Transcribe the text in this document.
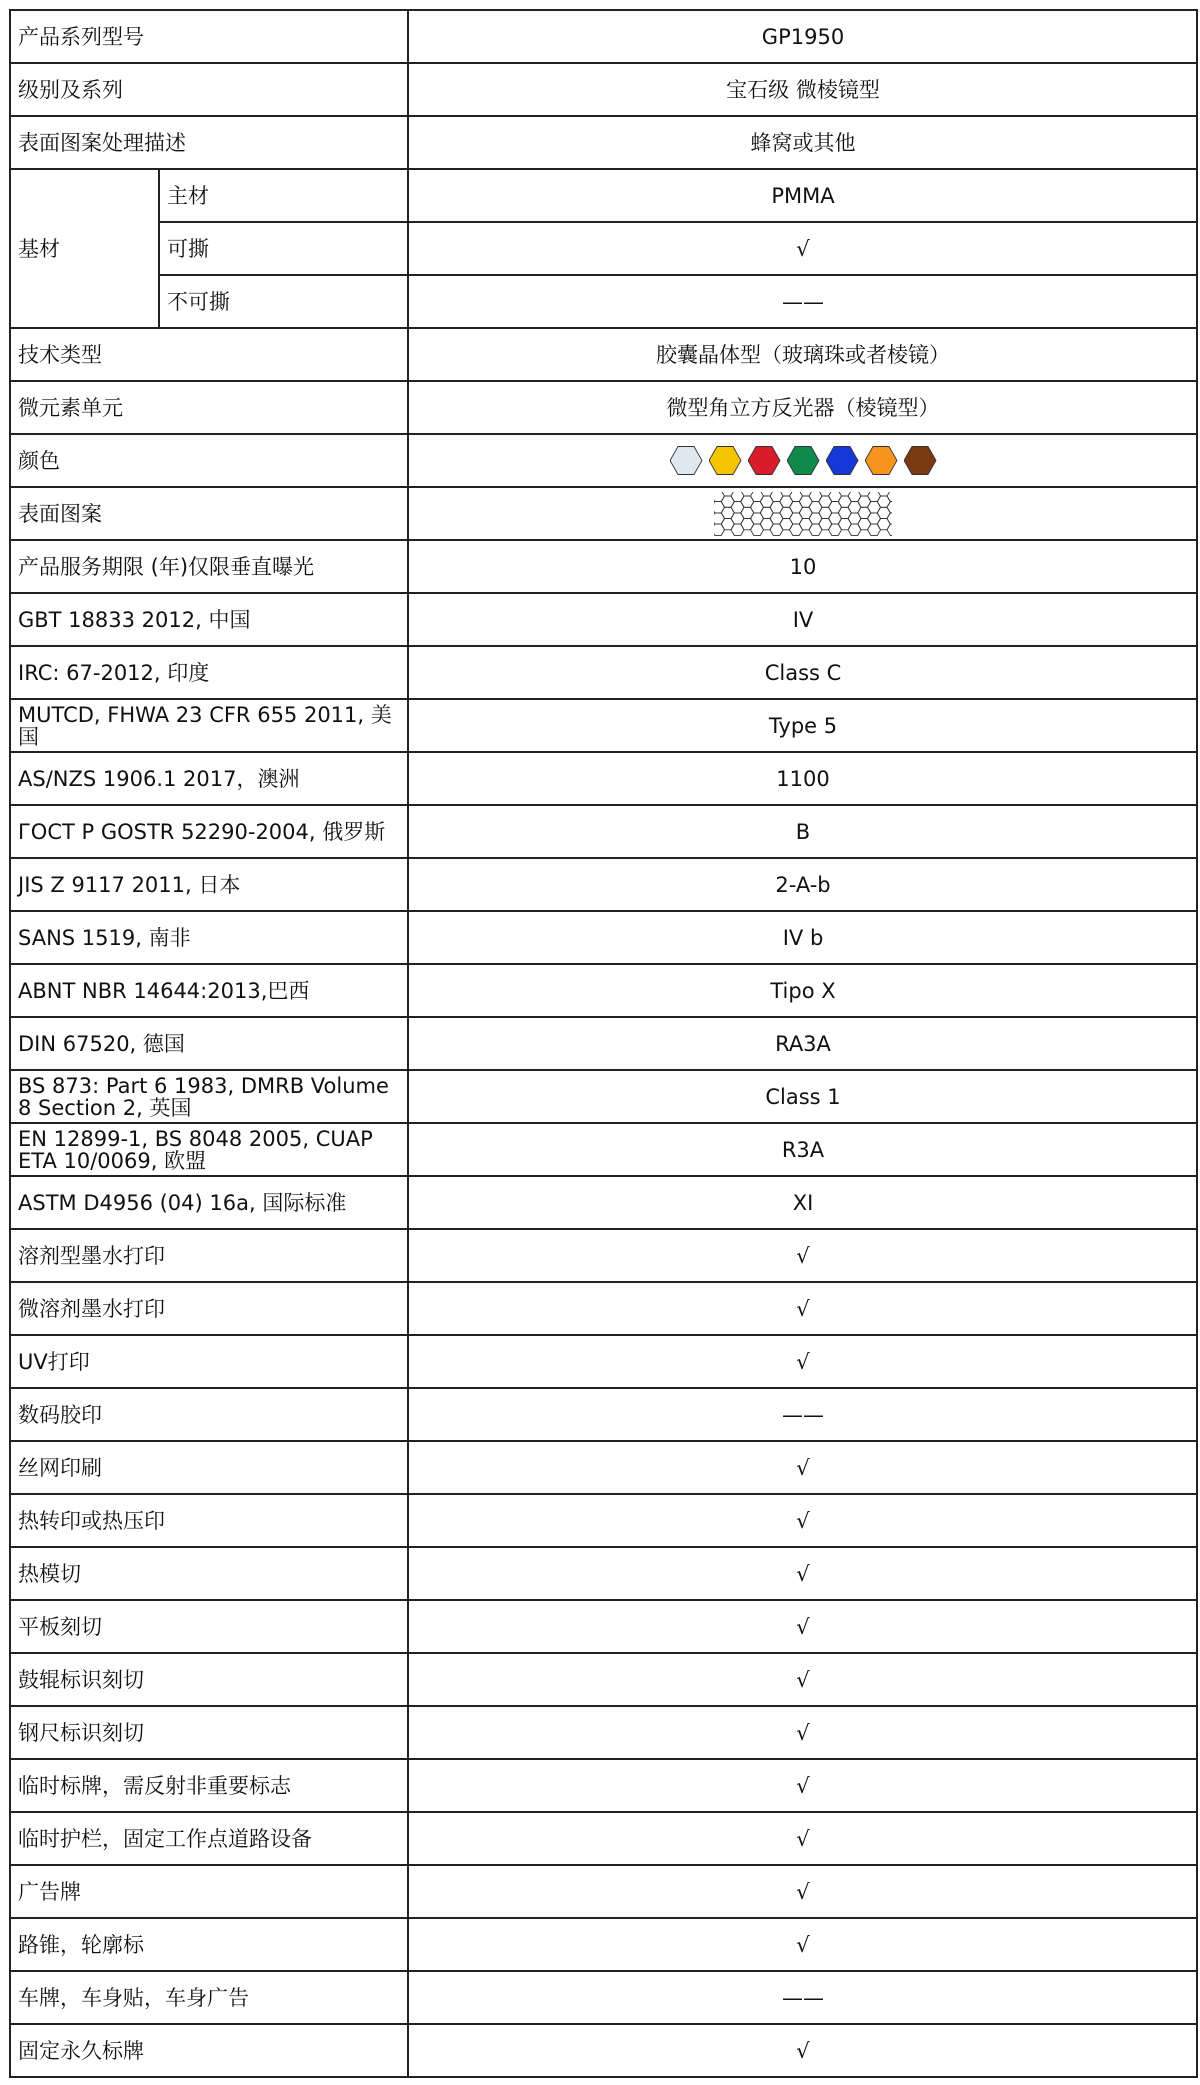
产品系列型号		GP1950
级别及系列		宝石级 微棱镜型
表面图案处理描述		蜂窝或其他
基材	主材	PMMA
	可撕	√
	不可撕	——
技术类型		胶囊晶体型（玻璃珠或者棱镜）
微元素单元		微型角立方反光器（棱镜型）
颜色		

表面图案	
产品服务期限 (年)仅限垂直曝光		10
GBT 18833 2012, 中国		IV
IRC: 67-2012, 印度		Class C
MUTCD, FHWA 23 CFR 655 2011, 美国		Type 5
AS/NZS 1906.1 2017，澳洲		1100
ГОСТ Р GOSTR 52290-2004, 俄罗斯		B
JIS Z 9117 2011, 日本		2-A-b
SANS 1519, 南非		IV b
ABNT NBR 14644:2013,巴西		Tipo X
DIN 67520, 德国		RA3A
BS 873: Part 6 1983, DMRB Volume 8 Section 2, 英国		Class 1
EN 12899-1, BS 8048 2005, CUAP ETA 10/0069, 欧盟		R3A
ASTM D4956 (04) 16a, 国际标准		XI
溶剂型墨水打印		√
微溶剂墨水打印		√
UV打印		√
数码胶印		——
丝网印刷		√
热转印或热压印		√
热模切		√
平板刻切		√
鼓辊标识刻切		√
钢尺标识刻切		√
临时标牌，需反射非重要标志		√
临时护栏，固定工作点道路设备		√
广告牌		√
路锥，轮廓标		√
车牌，车身贴，车身广告		——
固定永久标牌		√
